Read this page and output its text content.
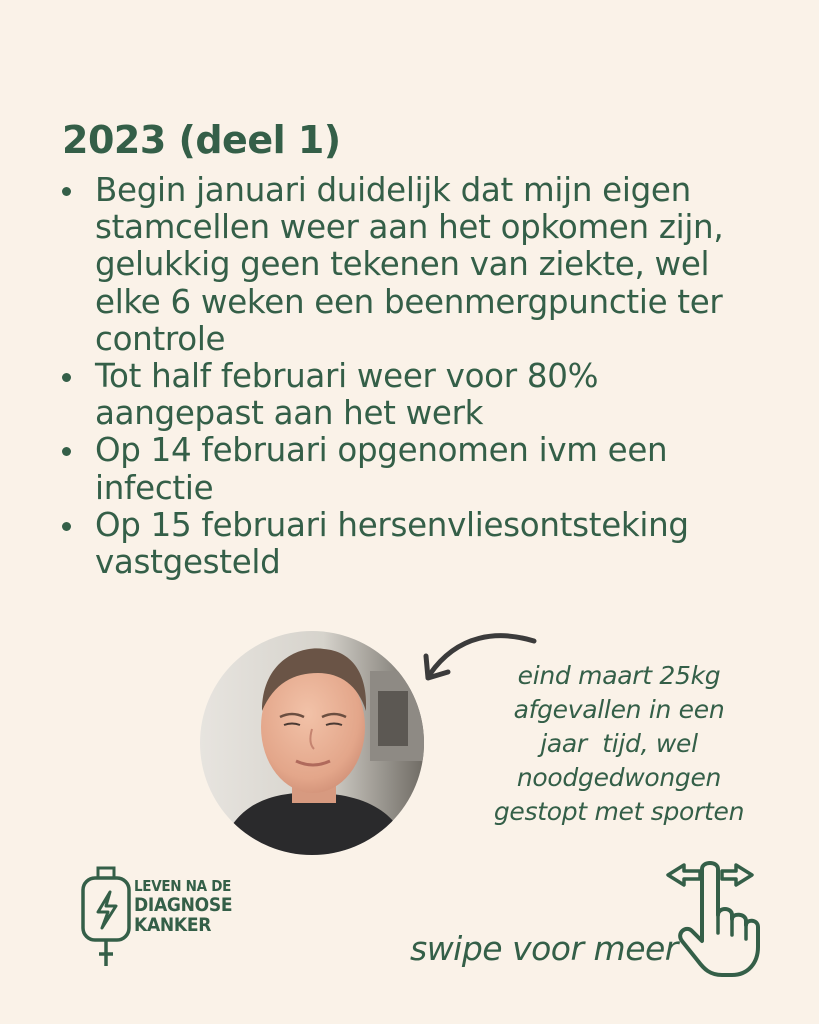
2023 (deel 1)
Begin januari duidelijk dat mijn eigen
stamcellen weer aan het opkomen zijn,
gelukkig geen tekenen van ziekte, wel
elke 6 weken een beenmergpunctie ter
controle
Tot half februari weer voor 80%
aangepast aan het werk
Op 14 februari opgenomen ivm een
infectie
Op 15 februari hersenvliesontsteking
vastgesteld

eind maart 25kg
afgevallen in een
jaar  tijd, wel
noodgedwongen
gestopt met sporten

LEVEN NA DE
DIAGNOSE
KANKER

swipe voor meer
